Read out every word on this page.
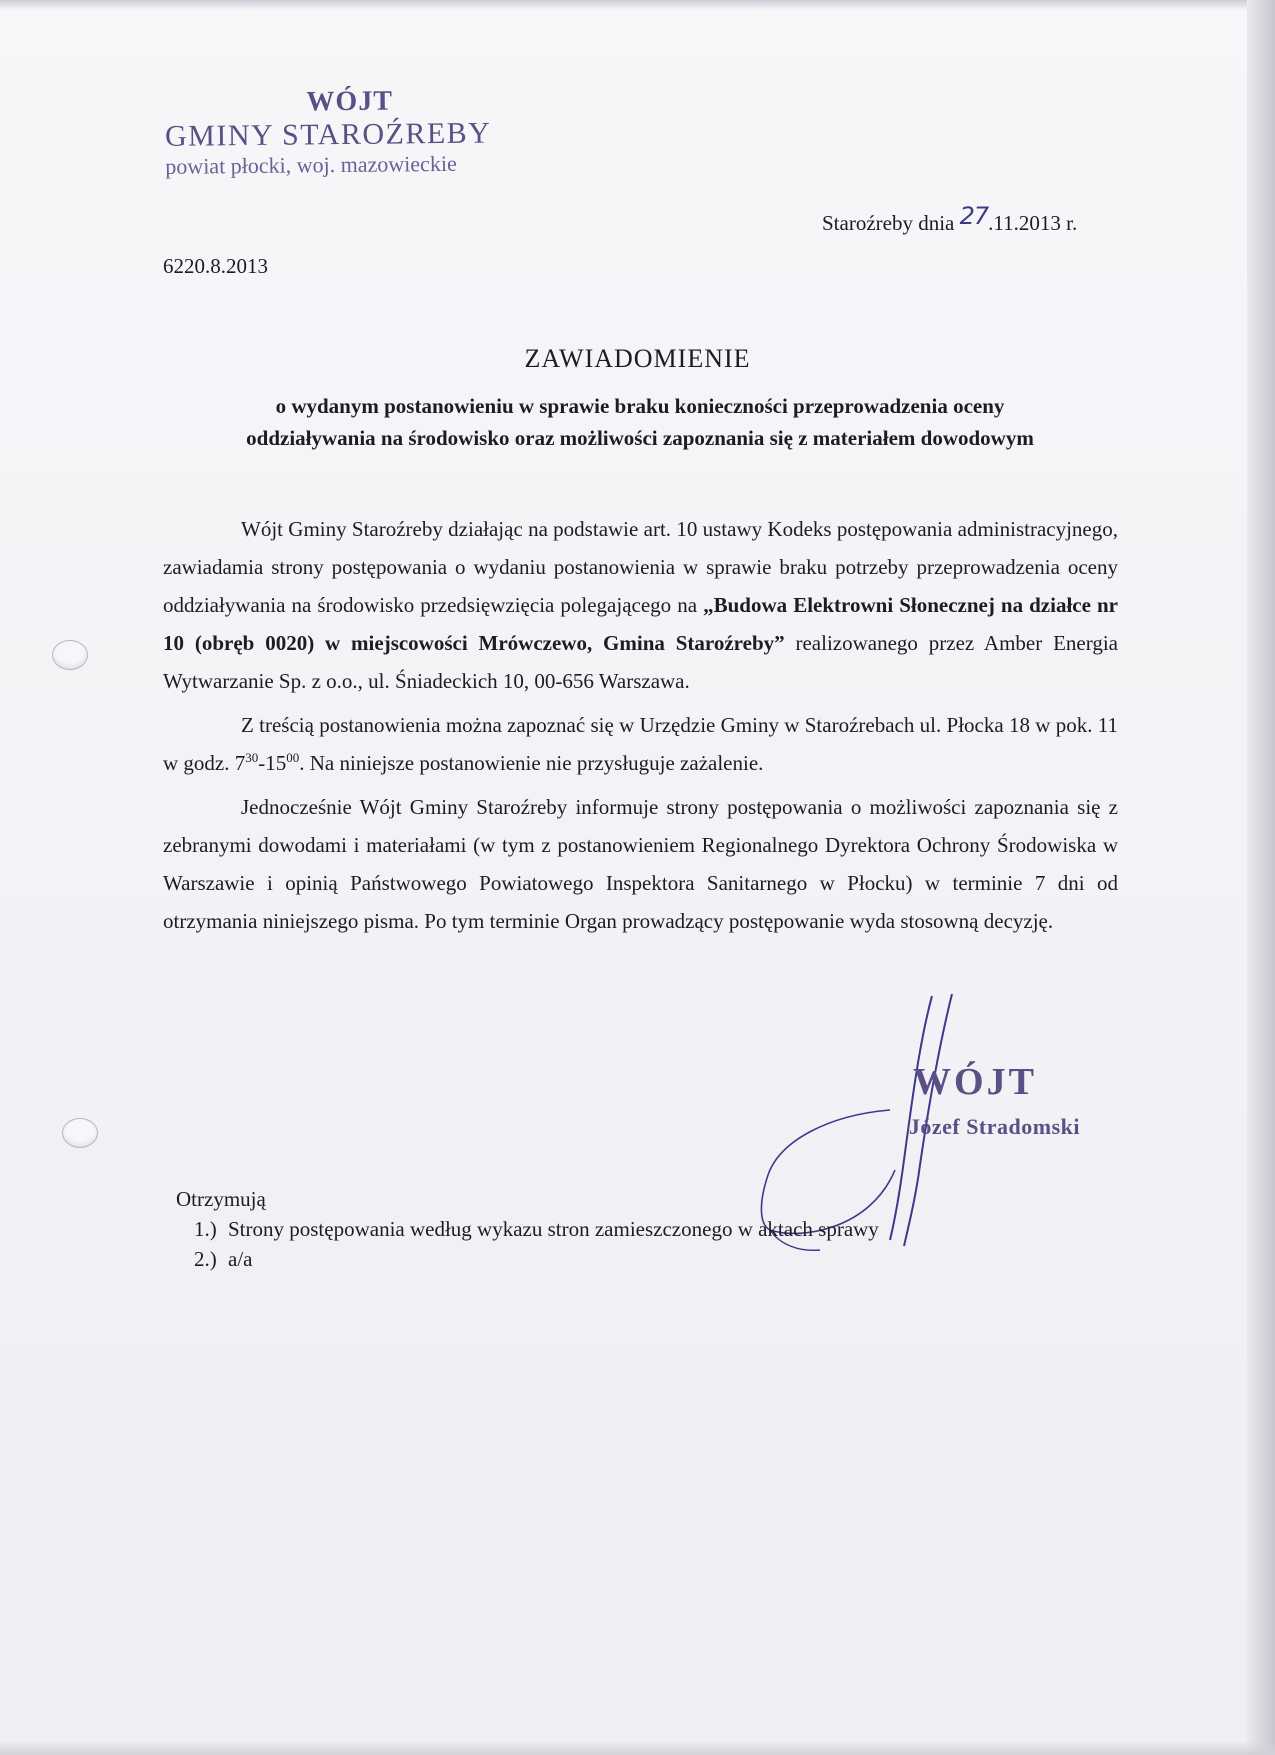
WÓJT
GMINY STAROŹREBY
powiat płocki, woj. mazowieckie
Staroźreby dnia 27.11.2013 r.
6220.8.2013
ZAWIADOMIENIE
o wydanym postanowieniu w sprawie braku konieczności przeprowadzenia oceny
oddziaływania na środowisko oraz możliwości zapoznania się z materiałem dowodowym

Wójt Gminy Staroźreby działając na podstawie art. 10 ustawy Kodeks postępowania administracyjnego, zawiadamia strony postępowania o wydaniu postanowienia w sprawie braku potrzeby przeprowadzenia oceny oddziaływania na środowisko przedsięwzięcia polegającego na „Budowa Elektrowni Słonecznej na działce nr 10 (obręb 0020) w miejscowości Mrówczewo, Gmina Staroźreby” realizowanego przez Amber Energia Wytwarzanie Sp. z o.o., ul. Śniadeckich 10, 00-656 Warszawa.

Z treścią postanowienia można zapoznać się w Urzędzie Gminy w Staroźrebach ul. Płocka 18 w pok. 11 w godz. $7^{30}-15^{00}$. Na niniejsze postanowienie nie przysługuje zażalenie.

Jednocześnie Wójt Gminy Staroźreby informuje strony postępowania o możliwości zapoznania się z zebranymi dowodami i materiałami (w tym z postanowieniem Regionalnego Dyrektora Ochrony Środowiska w Warszawie i opinią Państwowego Powiatowego Inspektora Sanitarnego w Płocku) w terminie 7 dni od otrzymania niniejszego pisma. Po tym terminie Organ prowadzący postępowanie wyda stosowną decyzję.

WÓJT
Józef Stradomski
Otrzymują
1.) Strony postępowania według wykazu stron zamieszczonego w aktach sprawy
2.) a/a
